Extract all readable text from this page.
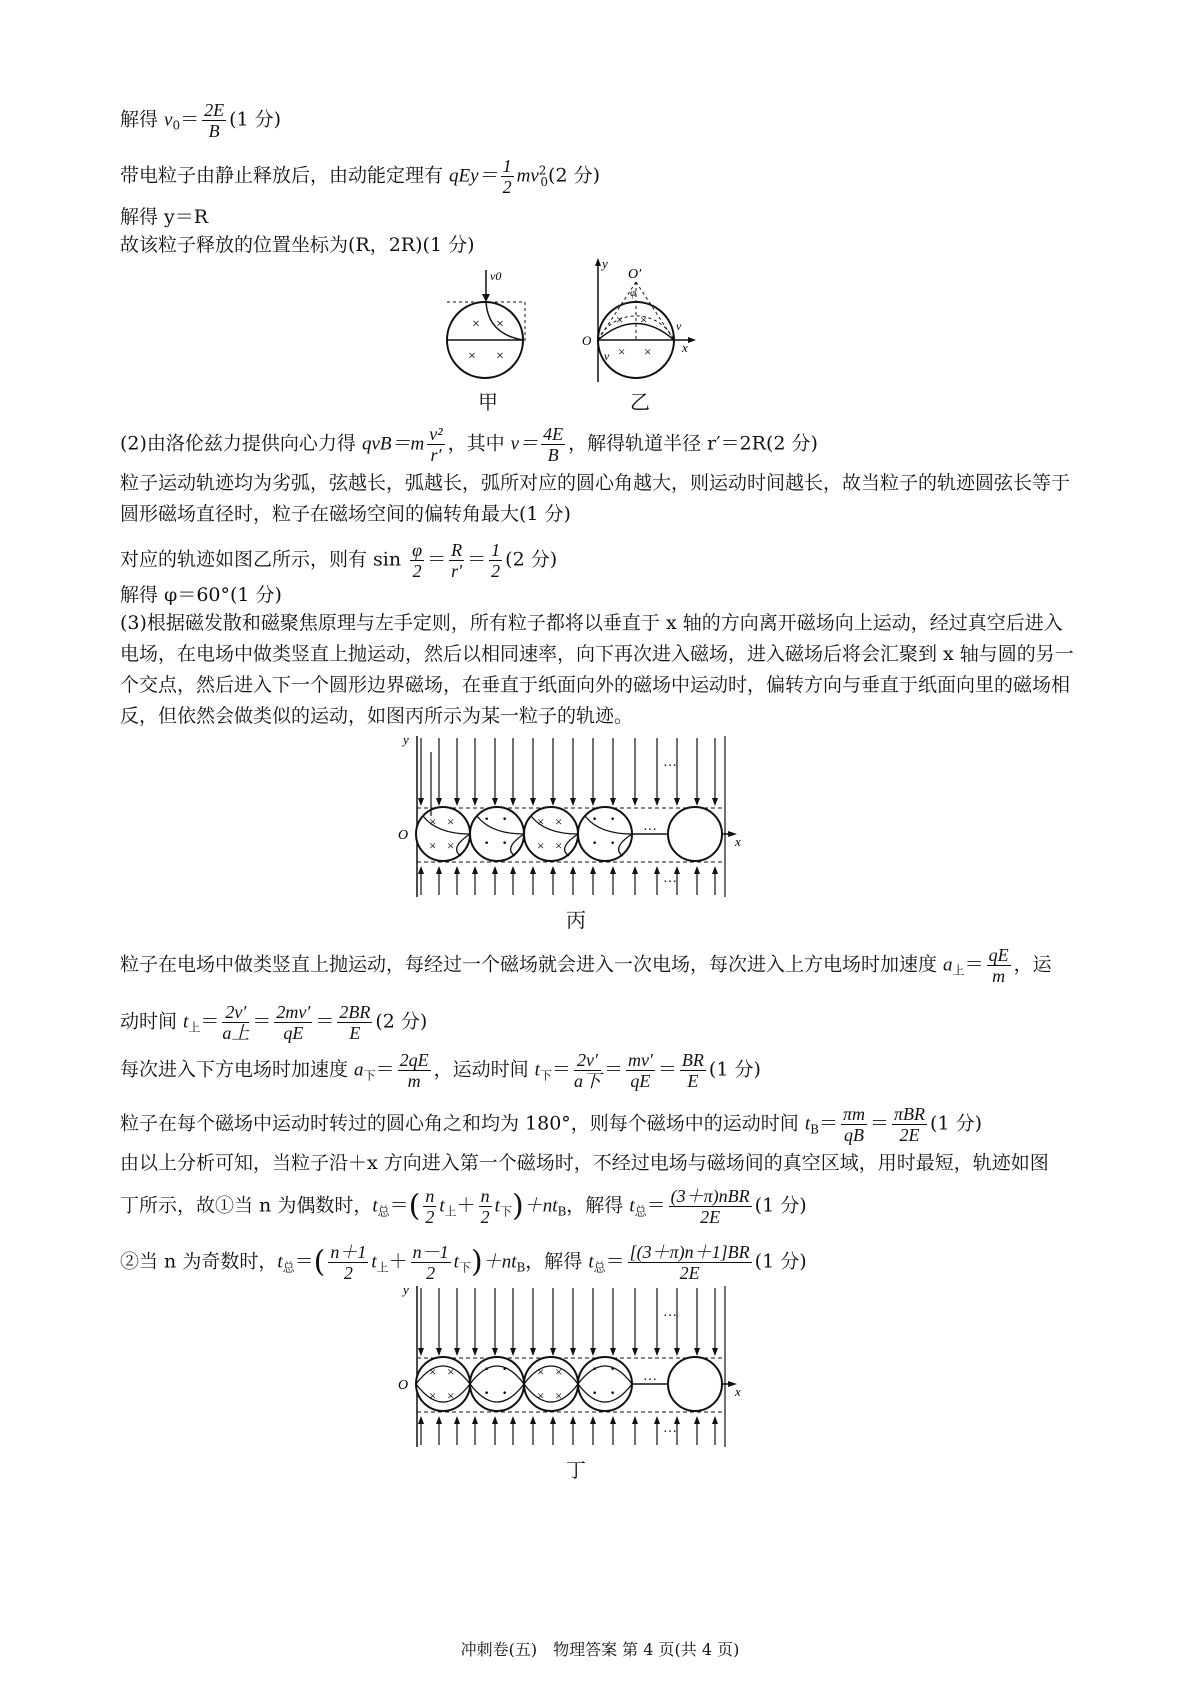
解得 $v_0= \frac{2E}{B} (1$ 分)
带电粒子由静止释放后，由动能定理有 $qEy= \frac{1}{2} mv^2_0(2$ 分)
解得 y＝R
故该粒子释放的位置坐标为(R，2R)(1 分)
× ×
× ×
v0
甲
× ×
× ×
O′
φ
v
v
x
y
O
乙
(2)由洛伦兹力提供向心力得 $qvB=m \frac{\text{v²}}{r'}$ ，其中 $v= \frac{4E}{B}$ ，解得轨道半径 r′＝2R(2 分)
粒子运动轨迹均为劣弧，弦越长，弧越长，弧所对应的圆心角越大，则运动时间越长，故当粒子的轨迹圆弦长等于圆形磁场直径时，粒子在磁场空间的偏转角最大(1 分)
对应的轨迹如图乙所示，则有 $\sin \frac{\varphi}{2} = \frac{R}{r'} = \frac{1}{2} (2$ 分)
解得 φ＝60°(1 分)
(3)根据磁发散和磁聚焦原理与左手定则，所有粒子都将以垂直于 x 轴的方向离开磁场向上运动，经过真空后进入电场，在电场中做类竖直上抛运动，然后以相同速率，向下再次进入磁场，进入磁场后将会汇聚到 x 轴与圆的另一个交点，然后进入下一个圆形边界磁场，在垂直于纸面向外的磁场中运动时，偏转方向与垂直于纸面向里的磁场相反，但依然会做类似的运动，如图丙所示为某一粒子的轨迹。
× ×
× ×
· ·
· ·
× ×
× ×
· ·
· ·
O
y
x
…
…
…
丙
粒子在电场中做类竖直上抛运动，每经过一个磁场就会进入一次电场，每次进入上方电场时加速度 $a_上= \frac{qE}{m}$ ，运
动时间 $t_上= \frac{2v'}{\text{a上}} = \frac{2mv'}{qE} = \frac{2BR}{E} (2$ 分)
每次进入下方电场时加速度 $a_下= \frac{2qE}{m}$ ，运动时间 $t_下= \frac{2v'}{\text{a下}} = \frac{mv'}{qE} = \frac{BR}{E} (1$ 分)
粒子在每个磁场中运动时转过的圆心角之和均为 180°，则每个磁场中的运动时间 $t_B= \frac{\pi m}{qB} = \frac{\text{πBR}}{2E} (1$ 分)
由以上分析可知，当粒子沿＋x 方向进入第一个磁场时，不经过电场与磁场间的真空区域，用时最短，轨迹如图
丁所示，故①当 n 为偶数时，$t_总=( \frac{n}{2} t_上+ \frac{n}{2} t_下)+nt_B$，解得 $t_总= \frac{\text{(3＋π)nBR}}{2E} (1$ 分)
②当 n 为奇数时，$t_总=( \frac{n+1}{2} t_上+ \frac{n-1}{2} t_下)+nt_B$，解得 $t_总= \frac{[(3+\pi)n+1]BR}{2E} (1$ 分)
× ×
× ×
· ·
· ·
× ×
× ×
· ·
· ·
O
y
x
…
…
…
丁
冲刺卷(五)　物理答案 第 4 页(共 4 页)
